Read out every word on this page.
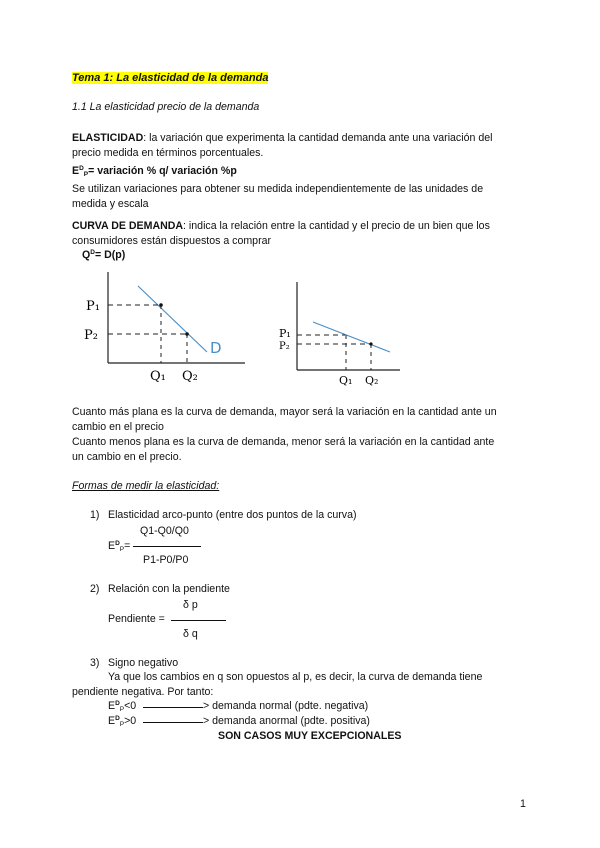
Tema 1: La elasticidad de la demanda
1.1 La elasticidad precio de la demanda
ELASTICIDAD: la variación que experimenta la cantidad demanda ante una variación del
precio medida en términos porcentuales.
$E^D_P=$ variación % q/ variación %p
Se utilizan variaciones para obtener su medida independientemente de las unidades de
medida y escala
CURVA DE DEMANDA: indica la relación entre la cantidad y el precio de un bien que los
consumidores están dispuestos a comprar
$Q^D= D(p)$
P₁
P₂
Q₁ Q₂
D
P₁
P₂
Q₁ Q₂
Cuanto más plana es la curva de demanda, mayor será la variación en la cantidad ante un
cambio en el precio
Cuanto menos plana es la curva de demanda, menor será la variación en la cantidad ante
un cambio en el precio.
Formas de medir la elasticidad:
1) Elasticidad arco-punto (entre dos puntos de la curva)
Q1-Q0/Q0
$E^D_P=$
P1-P0/P0
2) Relación con la pendiente
δ p
Pendiente =
δ q
3) Signo negativo
Ya que los cambios en q son opuestos al p, es decir, la curva de demanda tiene
pendiente negativa. Por tanto:
$E^D_P<0$	> demanda normal (pdte. negativa)
$E^D_P>0$	> demanda anormal (pdte. positiva)
SON CASOS MUY EXCEPCIONALES
1
